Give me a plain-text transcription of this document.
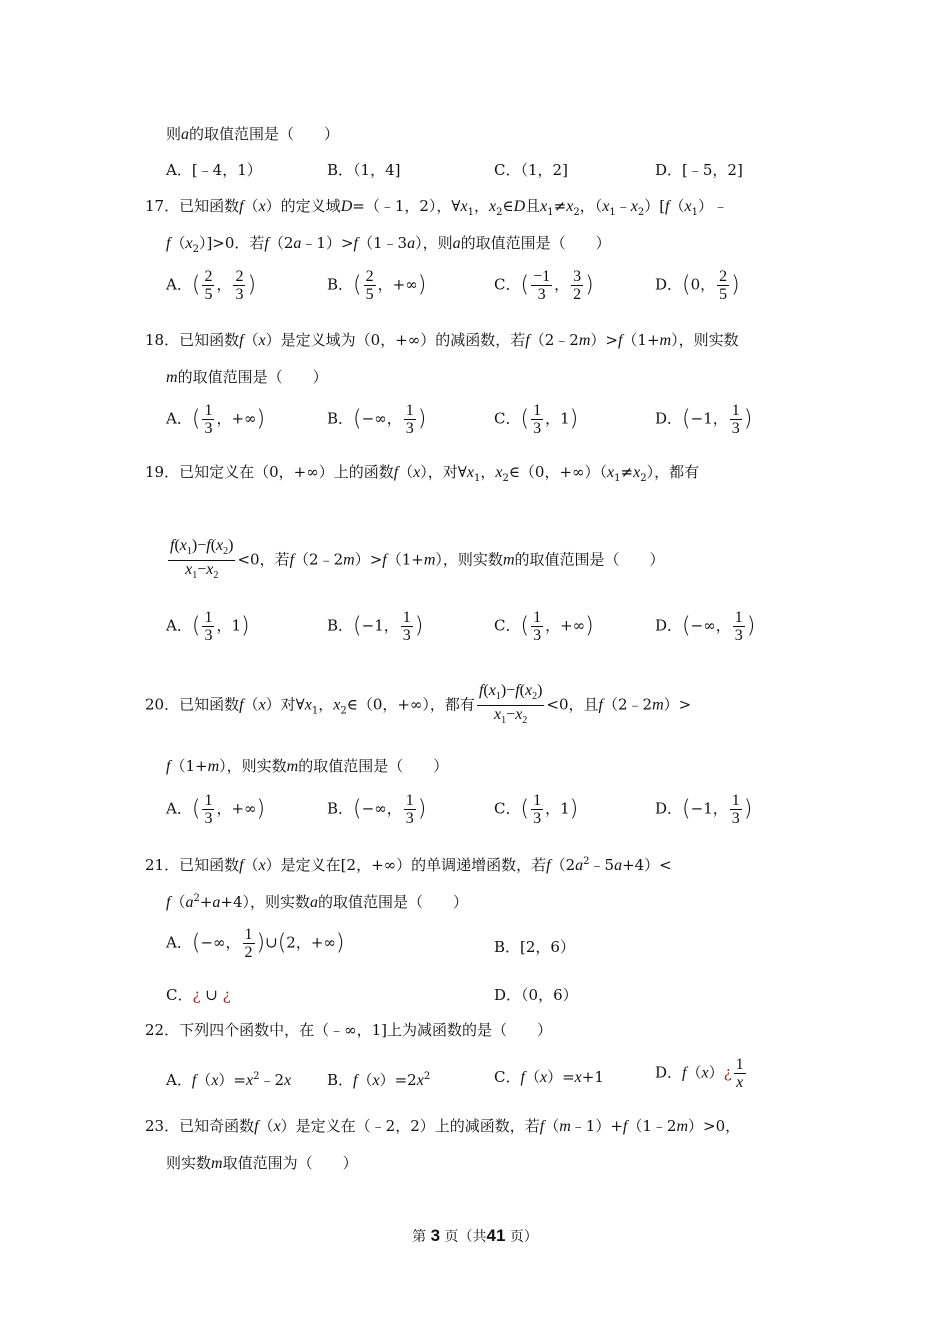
则a的取值范围是（　　）
A．[﹣4，1）	B．（1，4]	C．（1，2]	D．[﹣5，2]
17．已知函数f（x）的定义域D=（﹣1，2），$\forall x_1$，$x_2\in D$且$x_1\ne x_2$，$(x_1﹣x_2)[f(x_1)﹣$
$f(x_2)]>0$．若f（2a﹣1）>f（1﹣3a），则a的取值范围是（　　）
A．( $\frac{2}{5}$ ， $\frac{2}{3}$ )	B．( $\frac{2}{5}$ ，+∞)	C．( $\frac{-1}{3}$ ， $\frac{3}{2}$ )	D．(0， $\frac{2}{5}$ )
18．已知函数f（x）是定义域为（0，+∞）的减函数，若f（2﹣2m）>f（1+m），则实数
m的取值范围是（　　）
A．( $\frac{1}{3}$ ，+∞)	B．(−∞， $\frac{1}{3}$ )	C．( $\frac{1}{3}$ ，1)	D．(−1， $\frac{1}{3}$ )
19．已知定义在（0，+∞）上的函数f（x），对$\forall x_1$，$x_2\in(0$，$+\infty)(x_1\ne x_2)$，都有
$\frac{f(x_1)-f(x_2)}{x_1-x_2} <0$，若f（2﹣2m）>f（1+m），则实数m的取值范围是（　　）
A．( $\frac{1}{3}$ ，1)	B．(−1， $\frac{1}{3}$ )	C．( $\frac{1}{3}$ ，+∞)	D．(−∞， $\frac{1}{3}$ )
20．已知函数f（x）对$\forall x_1$，$x_2\in(0$，+∞），都有 $\frac{f(x_1)-f(x_2)}{x_1-x_2} <0$，且f（2﹣2m）>
f（1+m），则实数m的取值范围是（　　）
A．( $\frac{1}{3}$ ，+∞)	B．(−∞， $\frac{1}{3}$ )	C．( $\frac{1}{3}$ ，1)	D．(−1， $\frac{1}{3}$ )
21．已知函数f（x）是定义在[2，+∞）的单调递增函数，若$f(2a^2﹣5a+4)<$
$f(a^2+a+4)$，则实数a的取值范围是（　　）
A．(−∞， $\frac{1}{2}$ )∪(2，+∞)	B．[2，6）
C．¿ ∪ ¿	D．（0，6）
22．下列四个函数中，在（﹣∞，1]上为减函数的是（　　）
A．$f(x)=x^2﹣2x$ B．$f(x)=2x^2$	C．f（x）=x+1	D．f（x）¿ $\frac{1}{x}$
23．已知奇函数f（x）是定义在（﹣2，2）上的减函数，若f（m﹣1）+f（1﹣2m）>0，
则实数m取值范围为（　　）
第 3 页（共41 页）
